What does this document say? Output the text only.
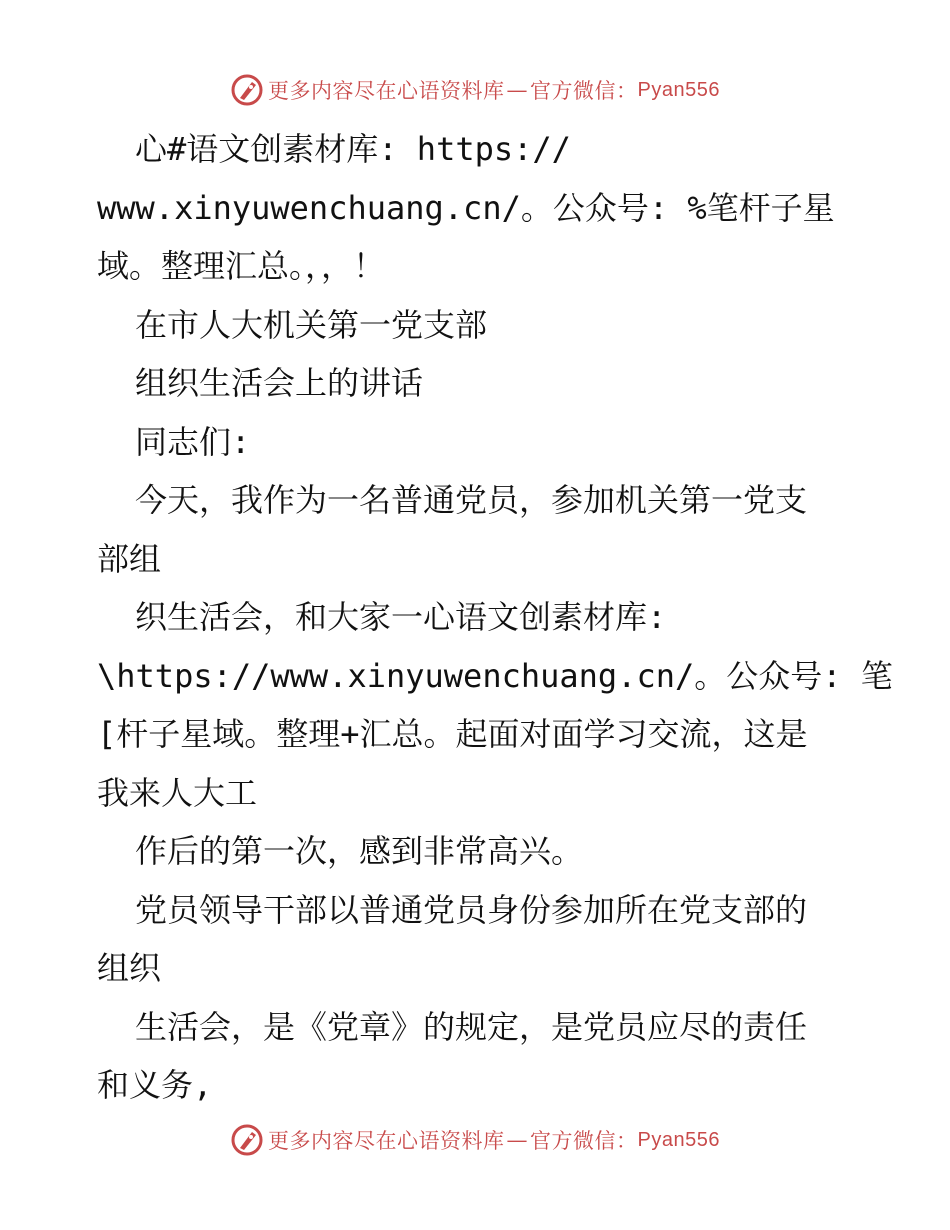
更多内容尽在心语资料库 — 官方微信： Pyan556
心#语文创素材库: https://
www.xinyuwenchuang.cn/。公众号: %笔杆子星
域。整理汇总。，，！
在市人大机关第一党支部
组织生活会上的讲话
同志们:
今天，我作为一名普通党员，参加机关第一党支
部组
织生活会，和大家一心语文创素材库:
\https://www.xinyuwenchuang.cn/。公众号: 笔
[杆子星域。整理+汇总。起面对面学习交流，这是
我来人大工
作后的第一次，感到非常高兴。
党员领导干部以普通党员身份参加所在党支部的
组织
生活会，是《党章》的规定，是党员应尽的责任
和义务,
更多内容尽在心语资料库 — 官方微信： Pyan556
